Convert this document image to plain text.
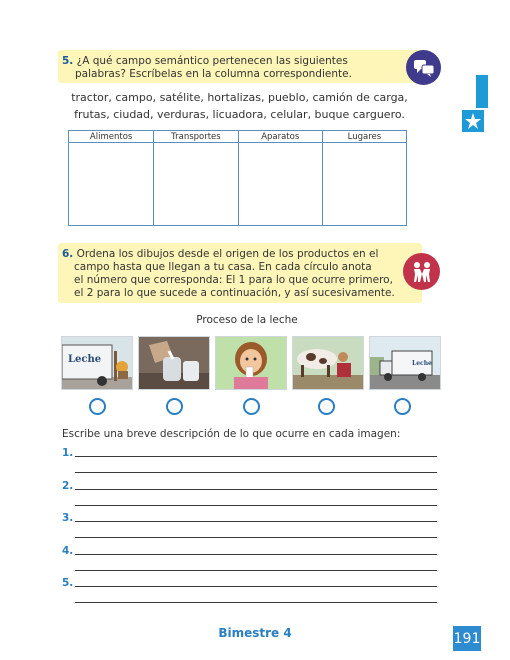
5. ¿A qué campo semántico pertenecen las siguientes
palabras? Escríbelas en la columna correspondiente.	Español
tractor, campo, satélite, hortalizas, pueblo, camión de carga,
frutas, ciudad, verduras, licuadora, celular, buque carguero.
Alimentos	Transportes	Aparatos	Lugares

6. Ordena los dibujos desde el origen de los productos en el
campo hasta que llegan a tu casa. En cada círculo anota
el número que corresponda: El 1 para lo que ocurre primero,
el 2 para lo que sucede a continuación, y así sucesivamente.
Proceso de la leche
Leche	Leche
Escribe una breve descripción de lo que ocurre en cada imagen:
1.
2.
3.
4.
5.
Bimestre 4	191
